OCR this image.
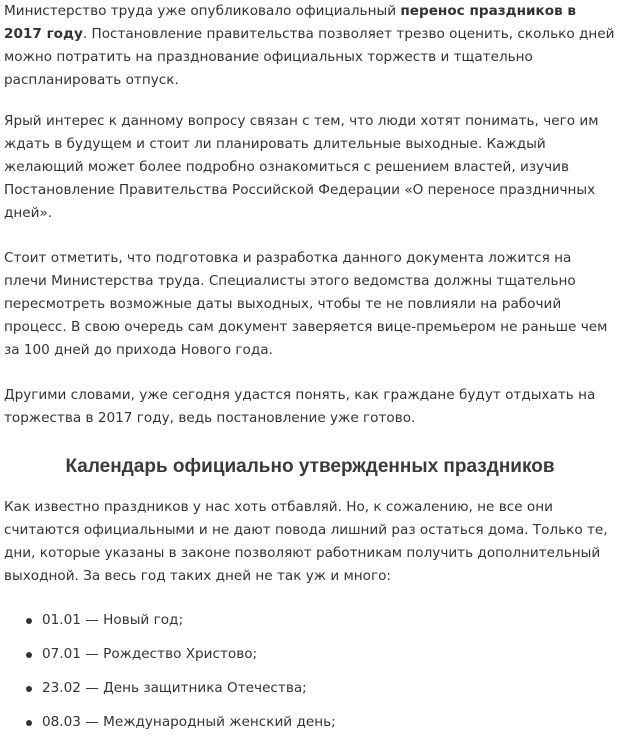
Министерство труда уже опубликовало официальный перенос праздников в 2017 году. Постановление правительства позволяет трезво оценить, сколько дней можно потратить на празднование официальных торжеств и тщательно распланировать отпуск.

Ярый интерес к данному вопросу связан с тем, что люди хотят понимать, чего им ждать в будущем и стоит ли планировать длительные выходные. Каждый желающий может более подробно ознакомиться с решением властей, изучив Постановление Правительства Российской Федерации «О переносе праздничных дней».

Стоит отметить, что подготовка и разработка данного документа ложится на плечи Министерства труда. Специалисты этого ведомства должны тщательно пересмотреть возможные даты выходных, чтобы те не повлияли на рабочий процесс. В свою очередь сам документ заверяется вице-премьером не раньше чем за 100 дней до прихода Нового года.

Другими словами, уже сегодня удастся понять, как граждане будут отдыхать на торжества в 2017 году, ведь постановление уже готово.

Календарь официально утвержденных праздников

Как известно праздников у нас хоть отбавляй. Но, к сожалению, не все они считаются официальными и не дают повода лишний раз остаться дома. Только те, дни, которые указаны в законе позволяют работникам получить дополнительный выходной. За весь год таких дней не так уж и много:

01.01 — Новый год;
07.01 — Рождество Христово;
23.02 — День защитника Отечества;
08.03 — Международный женский день;
